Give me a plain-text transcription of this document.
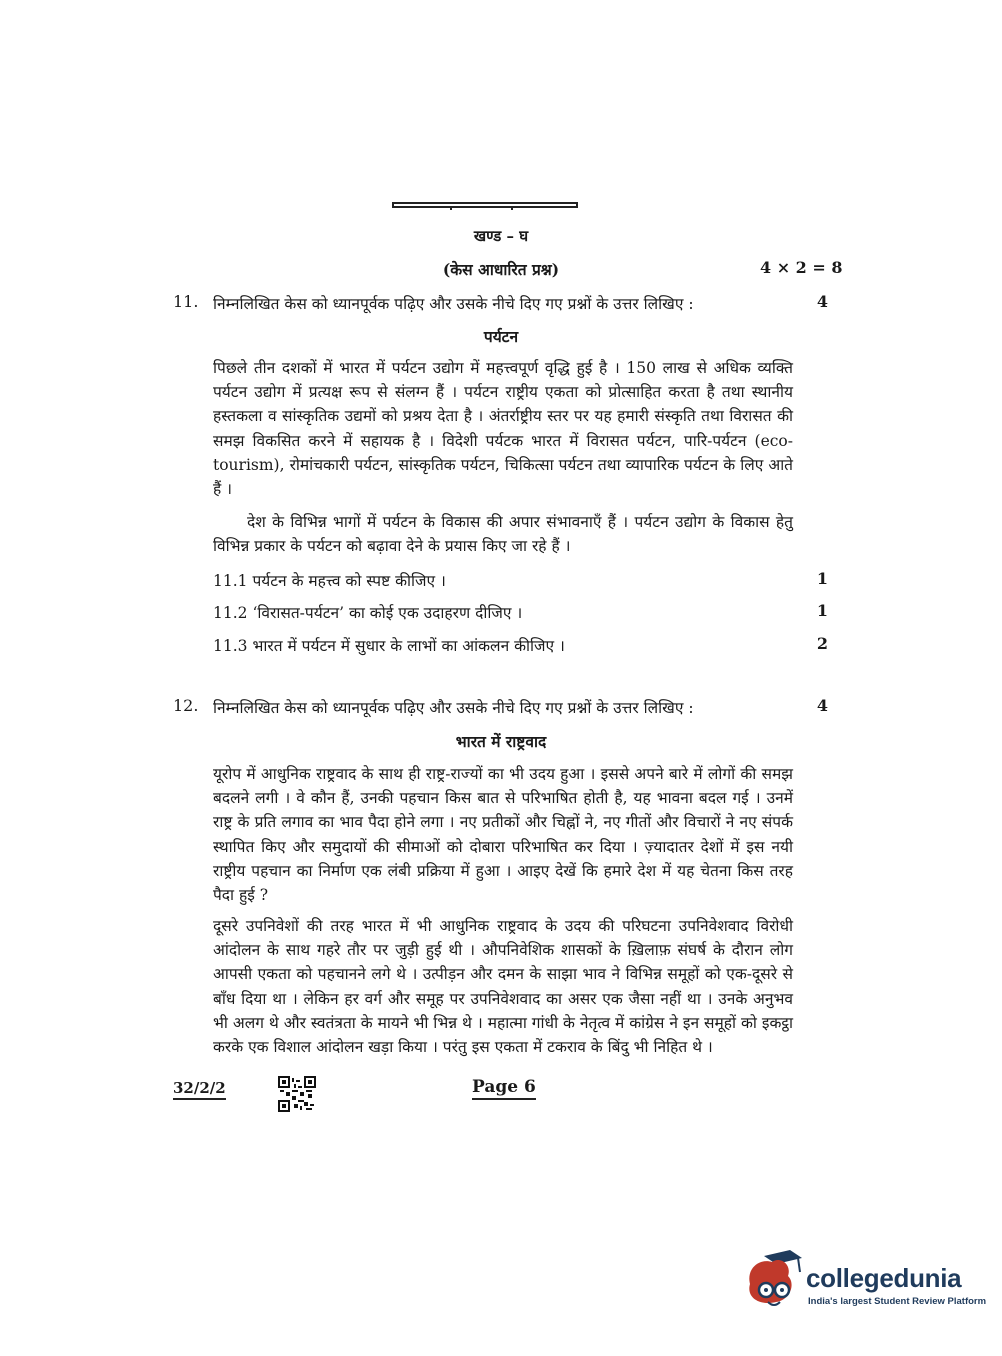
खण्ड – घ
(केस आधारित प्रश्न)	4 × 2 = 8
11. निम्नलिखित केस को ध्यानपूर्वक पढ़िए और उसके नीचे दिए गए प्रश्नों के उत्तर लिखिए :	4
पर्यटन
पिछले तीन दशकों में भारत में पर्यटन उद्योग में महत्त्वपूर्ण वृद्धि हुई है । 150 लाख से अधिक व्यक्ति पर्यटन उद्योग में प्रत्यक्ष रूप से संलग्न हैं । पर्यटन राष्ट्रीय एकता को प्रोत्साहित करता है तथा स्थानीय हस्तकला व सांस्कृतिक उद्यमों को प्रश्रय देता है । अंतर्राष्ट्रीय स्तर पर यह हमारी संस्कृति तथा विरासत की समझ विकसित करने में सहायक है । विदेशी पर्यटक भारत में विरासत पर्यटन, पारि-पर्यटन (eco-tourism), रोमांचकारी पर्यटन, सांस्कृतिक पर्यटन, चिकित्सा पर्यटन तथा व्यापारिक पर्यटन के लिए आते हैं ।
देश के विभिन्न भागों में पर्यटन के विकास की अपार संभावनाएँ हैं । पर्यटन उद्योग के विकास हेतु विभिन्न प्रकार के पर्यटन को बढ़ावा देने के प्रयास किए जा रहे हैं ।
11.1 पर्यटन के महत्त्व को स्पष्ट कीजिए ।	1
11.2 ‘विरासत-पर्यटन’ का कोई एक उदाहरण दीजिए ।	1
11.3 भारत में पर्यटन में सुधार के लाभों का आंकलन कीजिए ।	2
12. निम्नलिखित केस को ध्यानपूर्वक पढ़िए और उसके नीचे दिए गए प्रश्नों के उत्तर लिखिए :	4
भारत में राष्ट्रवाद
यूरोप में आधुनिक राष्ट्रवाद के साथ ही राष्ट्र-राज्यों का भी उदय हुआ । इससे अपने बारे में लोगों की समझ बदलने लगी । वे कौन हैं, उनकी पहचान किस बात से परिभाषित होती है, यह भावना बदल गई । उनमें राष्ट्र के प्रति लगाव का भाव पैदा होने लगा । नए प्रतीकों और चिह्नों ने, नए गीतों और विचारों ने नए संपर्क स्थापित किए और समुदायों की सीमाओं को दोबारा परिभाषित कर दिया । ज़्यादातर देशों में इस नयी राष्ट्रीय पहचान का निर्माण एक लंबी प्रक्रिया में हुआ । आइए देखें कि हमारे देश में यह चेतना किस तरह पैदा हुई ?
दूसरे उपनिवेशों की तरह भारत में भी आधुनिक राष्ट्रवाद के उदय की परिघटना उपनिवेशवाद विरोधी आंदोलन के साथ गहरे तौर पर जुड़ी हुई थी । औपनिवेशिक शासकों के ख़िलाफ़ संघर्ष के दौरान लोग आपसी एकता को पहचानने लगे थे । उत्पीड़न और दमन के साझा भाव ने विभिन्न समूहों को एक-दूसरे से बाँध दिया था । लेकिन हर वर्ग और समूह पर उपनिवेशवाद का असर एक जैसा नहीं था । उनके अनुभव भी अलग थे और स्वतंत्रता के मायने भी भिन्न थे । महात्मा गांधी के नेतृत्व में कांग्रेस ने इन समूहों को इकट्ठा करके एक विशाल आंदोलन खड़ा किया । परंतु इस एकता में टकराव के बिंदु भी निहित थे ।
32/2/2	Page 6
collegedunia
India's largest Student Review Platform
